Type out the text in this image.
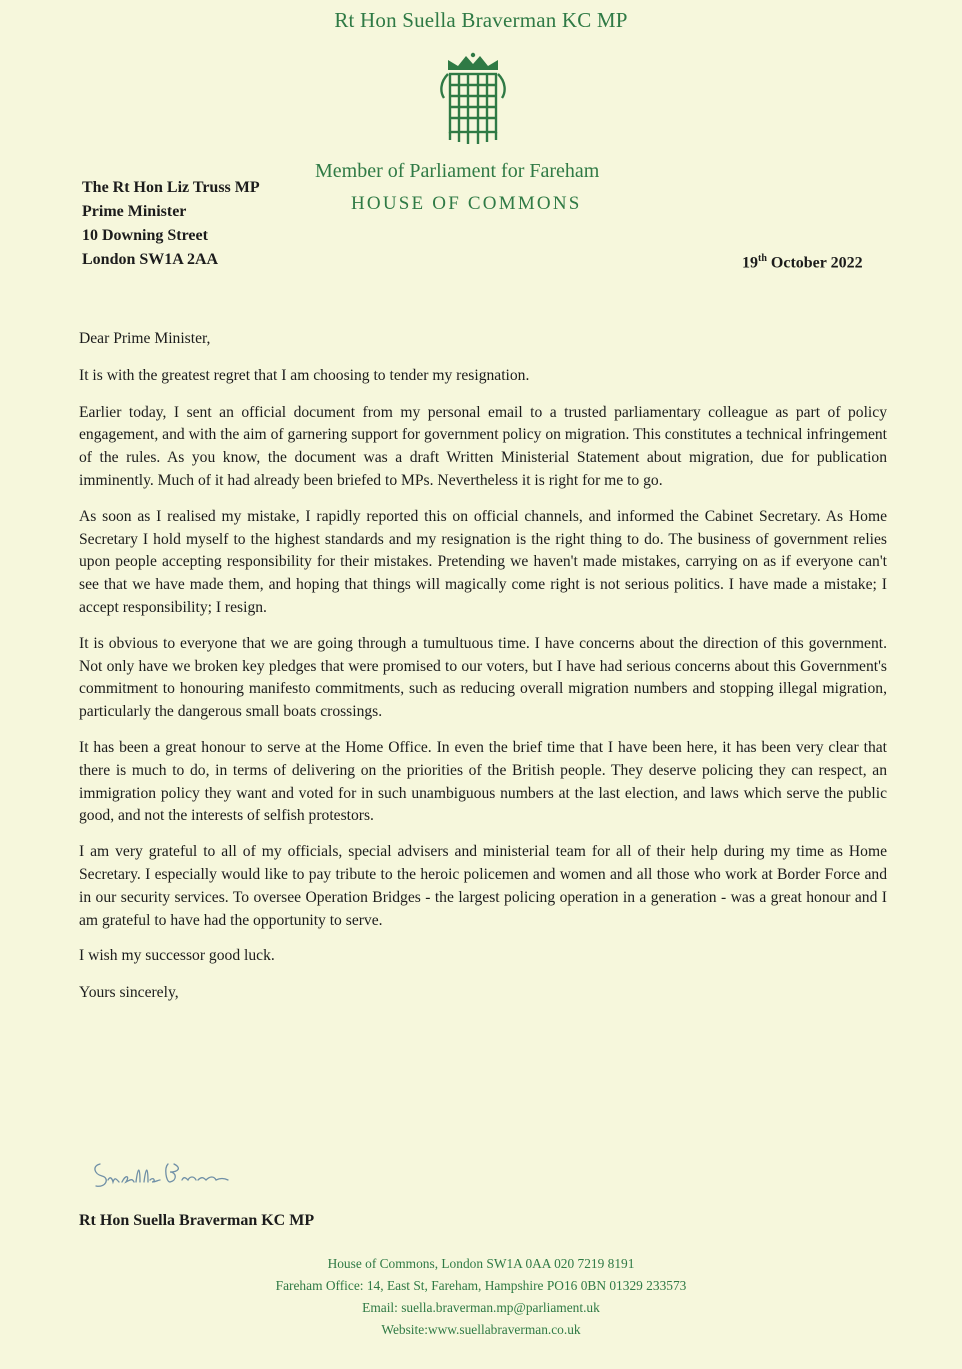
Rt Hon Suella Braverman KC MP
Member of Parliament for Fareham
HOUSE OF COMMONS
The Rt Hon Liz Truss MP
Prime Minister
10 Downing Street
London SW1A 2AA	19th October 2022

Dear Prime Minister,

It is with the greatest regret that I am choosing to tender my resignation.

Earlier today, I sent an official document from my personal email to a trusted parliamentary colleague as part of policy engagement, and with the aim of garnering support for government policy on migration. This constitutes a technical infringement of the rules. As you know, the document was a draft Written Ministerial Statement about migration, due for publication imminently. Much of it had already been briefed to MPs. Nevertheless it is right for me to go.

As soon as I realised my mistake, I rapidly reported this on official channels, and informed the Cabinet Secretary. As Home Secretary I hold myself to the highest standards and my resignation is the right thing to do. The business of government relies upon people accepting responsibility for their mistakes. Pretending we haven't made mistakes, carrying on as if everyone can't see that we have made them, and hoping that things will magically come right is not serious politics. I have made a mistake; I accept responsibility; I resign.

It is obvious to everyone that we are going through a tumultuous time. I have concerns about the direction of this government. Not only have we broken key pledges that were promised to our voters, but I have had serious concerns about this Government's commitment to honouring manifesto commitments, such as reducing overall migration numbers and stopping illegal migration, particularly the dangerous small boats crossings.

It has been a great honour to serve at the Home Office. In even the brief time that I have been here, it has been very clear that there is much to do, in terms of delivering on the priorities of the British people. They deserve policing they can respect, an immigration policy they want and voted for in such unambiguous numbers at the last election, and laws which serve the public good, and not the interests of selfish protestors.

I am very grateful to all of my officials, special advisers and ministerial team for all of their help during my time as Home Secretary. I especially would like to pay tribute to the heroic policemen and women and all those who work at Border Force and in our security services. To oversee Operation Bridges - the largest policing operation in a generation - was a great honour and I am grateful to have had the opportunity to serve.

I wish my successor good luck.

Yours sincerely,

Rt Hon Suella Braverman KC MP
House of Commons, London SW1A 0AA 020 7219 8191
Fareham Office: 14, East St, Fareham, Hampshire PO16 0BN 01329 233573
Email: suella.braverman.mp@parliament.uk
Website:www.suellabraverman.co.uk
